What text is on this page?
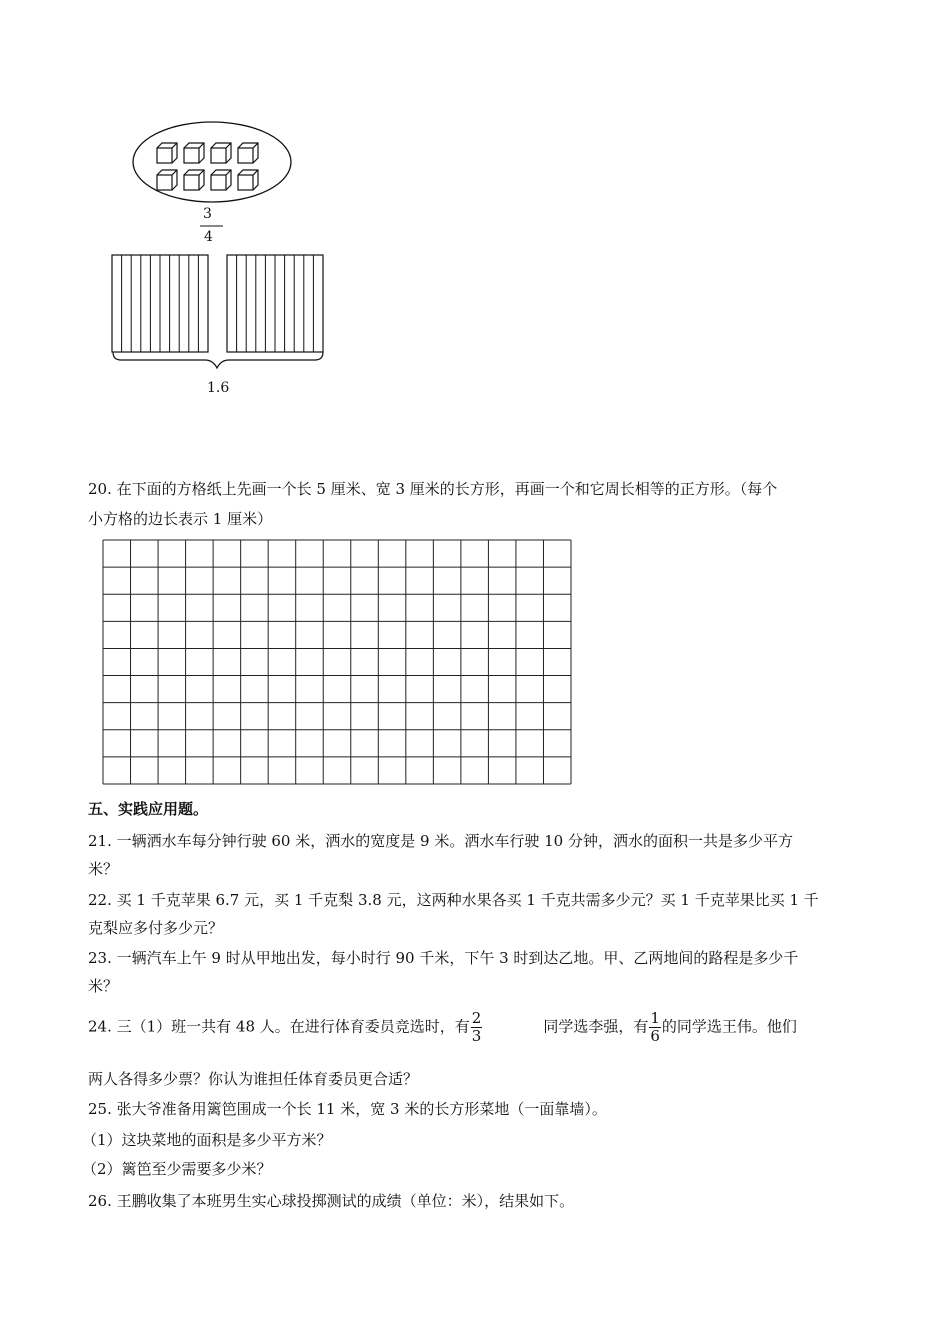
3
4
1.6
20. 在下面的方格纸上先画一个长 5 厘米、宽 3 厘米的长方形，再画一个和它周长相等的正方形。（每个
小方格的边长表示 1 厘米）
五、实践应用题。
21. 一辆洒水车每分钟行驶 60 米，洒水的宽度是 9 米。洒水车行驶 10 分钟，洒水的面积一共是多少平方
米？
22. 买 1 千克苹果 6.7 元，买 1 千克梨 3.8 元，这两种水果各买 1 千克共需多少元？买 1 千克苹果比买 1 千
克梨应多付多少元？
23. 一辆汽车上午 9 时从甲地出发，每小时行 90 千米，下午 3 时到达乙地。甲、乙两地间的路程是多少千
米？
24. 三（1）班一共有 48 人。在进行体育委员竞选时，有 $\frac{2}{3}$	同学选李强，有 $\frac{1}{6}$ 的同学选王伟。他们
两人各得多少票？你认为谁担任体育委员更合适？
25. 张大爷准备用篱笆围成一个长 11 米，宽 3 米的长方形菜地（一面靠墙）。
（1）这块菜地的面积是多少平方米？
（2）篱笆至少需要多少米？
26. 王鹏收集了本班男生实心球投掷测试的成绩（单位：米），结果如下。
